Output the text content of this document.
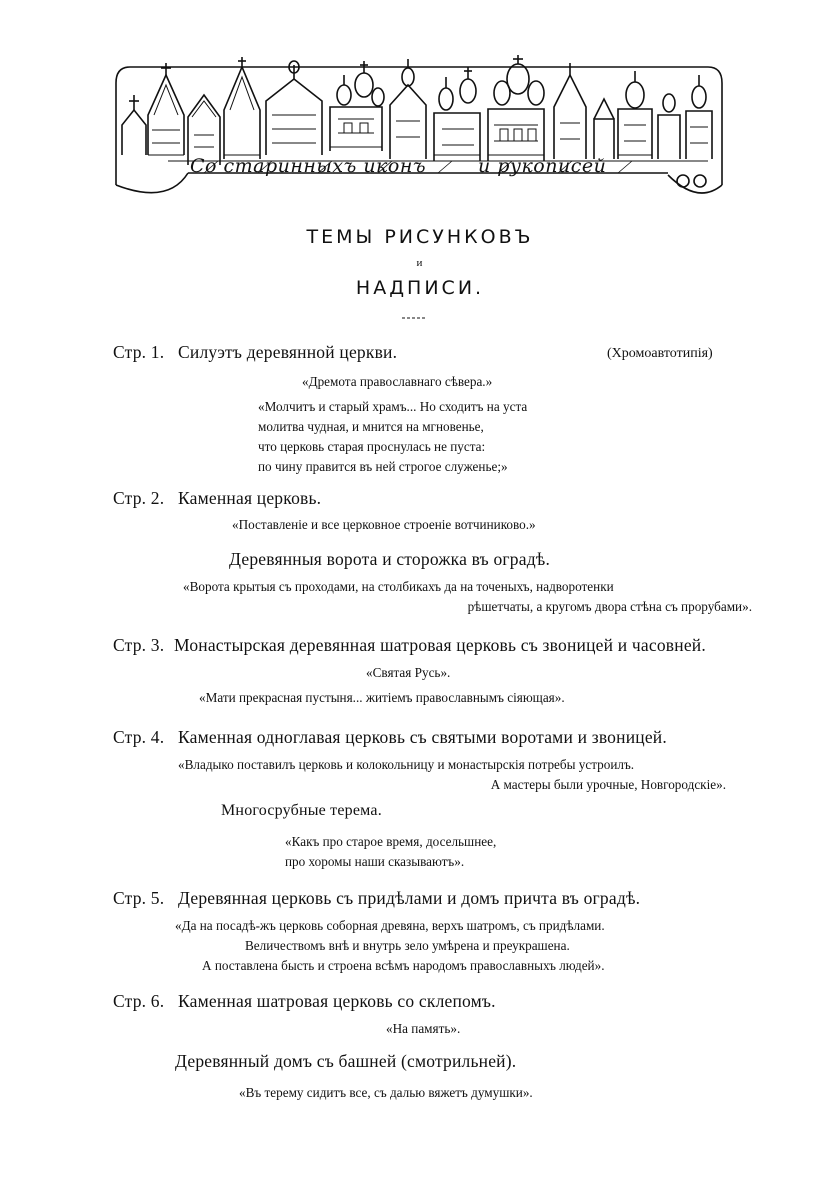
Со старинныхъ иконъ	и рукописей
ТЕМЫ РИСУНКОВЪ
и
НАДПИСИ.
Стр. 1. Силуэтъ деревянной церкви.	(Хромоавтотипія)
«Дремота православнаго сѣвера.»
«Молчитъ и старый храмъ... Но сходитъ на уста
молитва чудная, и мнится на мгновенье,
что церковь старая проснулась не пуста:
по чину правится въ ней строгое служенье;»
Стр. 2. Каменная церковь.
«Поставленіе и все церковное строеніе вотчиниково.»
Деревянныя ворота и сторожка въ оградѣ.
«Ворота крытыя съ проходами, на столбикахъ да на точеныхъ, надворотенки
рѣшетчаты, а кругомъ двора стѣна съ прорубами».
Стр. 3. Монастырская деревянная шатровая церковь съ звоницей и часовней.
«Святая Русь».
«Мати прекрасная пустыня... житіемъ православнымъ сіяющая».
Стр. 4. Каменная одноглавая церковь съ святыми воротами и звоницей.
«Владыко поставилъ церковь и колокольницу и монастырскія потребы устроилъ.
А мастеры были урочные, Новгородскіе».
Многосрубные терема.
«Какъ про старое время, досельшнее,
про хоромы наши сказываютъ».
Стр. 5. Деревянная церковь съ придѣлами и домъ причта въ оградѣ.
«Да на посадѣ-жъ церковь соборная древяна, верхъ шатромъ, съ придѣлами.
Величествомъ внѣ и внутрь зело умѣрена и преукрашена.
А поставлена бысть и строена всѣмъ народомъ православныхъ людей».
Стр. 6. Каменная шатровая церковь со склепомъ.
«На память».
Деревянный домъ съ башней (смотрильней).
«Въ терему сидитъ все, съ далью вяжетъ думушки».
